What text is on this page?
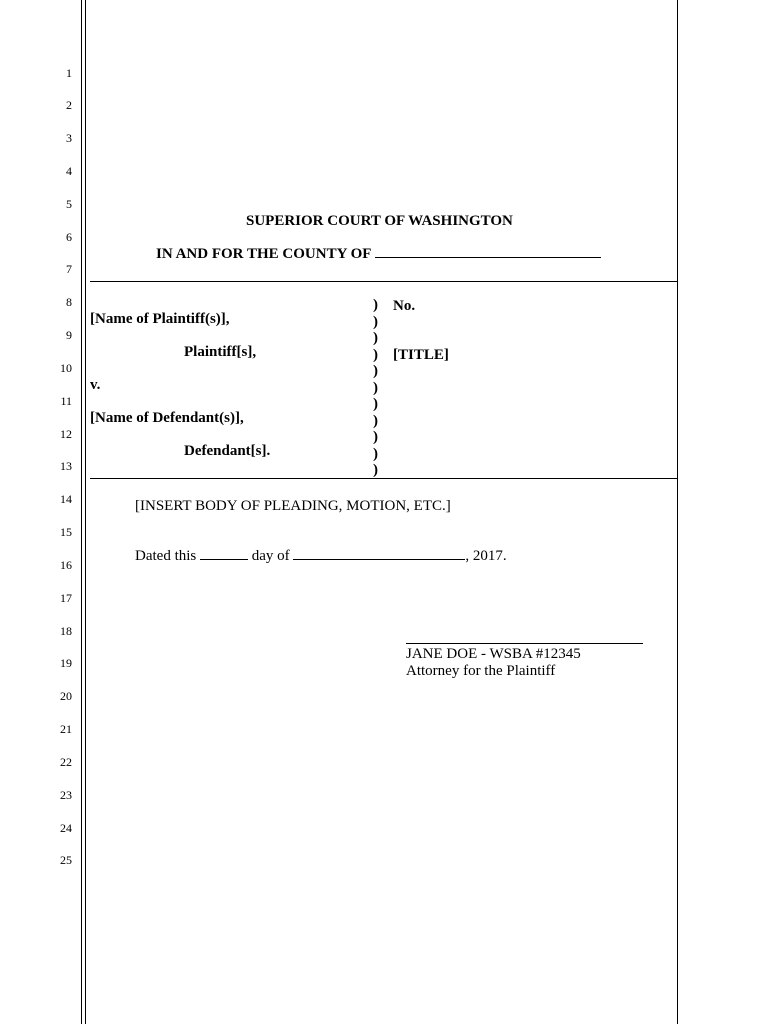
1
2
3
4
5
6
7
8
9
10
11
12
13
14
15
16
17
18
19
20
21
22
23
24
25
SUPERIOR COURT OF WASHINGTON
IN AND FOR THE COUNTY OF
[Name of Plaintiff(s)],
Plaintiff[s],
v.
[Name of Defendant(s)],
Defendant[s].
)
)
)
)
)
)
)
)
)
)
)
No.
[TITLE]
[INSERT BODY OF PLEADING, MOTION, ETC.]
Dated this	day of	, 2017.
JANE DOE - WSBA #12345
Attorney for the Plaintiff
